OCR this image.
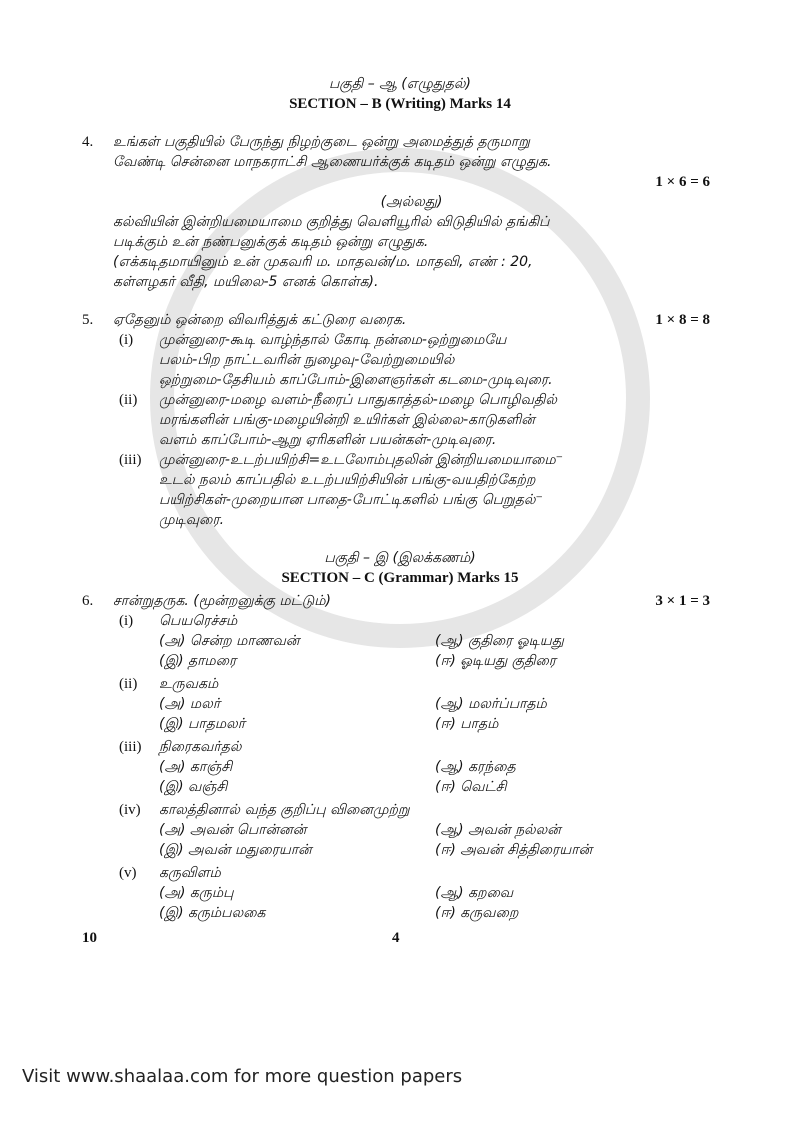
பகுதி – ஆ (எழுதுதல்)
SECTION – B (Writing) Marks 14
4.	உங்கள் பகுதியில் பேருந்து நிழற்குடை ஒன்று அமைத்துத் தருமாறு
வேண்டி சென்னை மாநகராட்சி ஆணையர்க்குக் கடிதம் ஒன்று எழுதுக.
1 × 6 = 6
(அல்லது)
கல்வியின் இன்றியமையாமை குறித்து வெளியூரில் விடுதியில் தங்கிப்
படிக்கும் உன் நண்பனுக்குக் கடிதம் ஒன்று எழுதுக.
(எக்கடிதமாயினும் உன் முகவரி ம. மாதவன்/ம. மாதவி, எண் : 20,
கள்ளழகர் வீதி, மயிலை-5 எனக் கொள்க).
5.	ஏதேனும் ஒன்றை விவரித்துக் கட்டுரை வரைக.	1 × 8 = 8
(i)	முன்னுரை-கூடி வாழ்ந்தால் கோடி நன்மை-ஒற்றுமையே
பலம்-பிற நாட்டவரின் நுழைவு-வேற்றுமையில்
ஒற்றுமை-தேசியம் காப்போம்-இளைஞர்கள் கடமை-முடிவுரை.
(ii)	முன்னுரை-மழை வளம்-நீரைப் பாதுகாத்தல்-மழை பொழிவதில்
மரங்களின் பங்கு-மழையின்றி உயிர்கள் இல்லை-காடுகளின்
வளம் காப்போம்-ஆறு ஏரிகளின் பயன்கள்-முடிவுரை.
(iii)	முன்னுரை-உடற்பயிற்சி=உடலோம்புதலின் இன்றியமையாமை⁻
உடல் நலம் காப்பதில் உடற்பயிற்சியின் பங்கு-வயதிற்கேற்ற
பயிற்சிகள்-முறையான பாதை-போட்டிகளில் பங்கு பெறுதல்⁻
முடிவுரை.
பகுதி – இ (இலக்கணம்)
SECTION – C (Grammar) Marks 15
6.	சான்றுதருக. (மூன்றனுக்கு மட்டும்)	3 × 1 = 3
(i)	பெயரெச்சம்
(அ) சென்ற மாணவன்	(ஆ) குதிரை ஓடியது
(இ) தாமரை	(ஈ) ஓடியது குதிரை
(ii)	உருவகம்
(அ) மலர்	(ஆ) மலர்ப்பாதம்
(இ) பாதமலர்	(ஈ) பாதம்
(iii)	நிரைகவர்தல்
(அ) காஞ்சி	(ஆ) கரந்தை
(இ) வஞ்சி	(ஈ) வெட்சி
(iv)	காலத்தினால் வந்த குறிப்பு வினைமுற்று
(அ) அவன் பொன்னன்	(ஆ) அவன் நல்லன்
(இ) அவன் மதுரையான்	(ஈ) அவன் சித்திரையான்
(v)	கருவிளம்
(அ) கரும்பு	(ஆ) கறவை
(இ) கரும்பலகை	(ஈ) கருவறை
10	4
Visit www.shaalaa.com for more question papers
